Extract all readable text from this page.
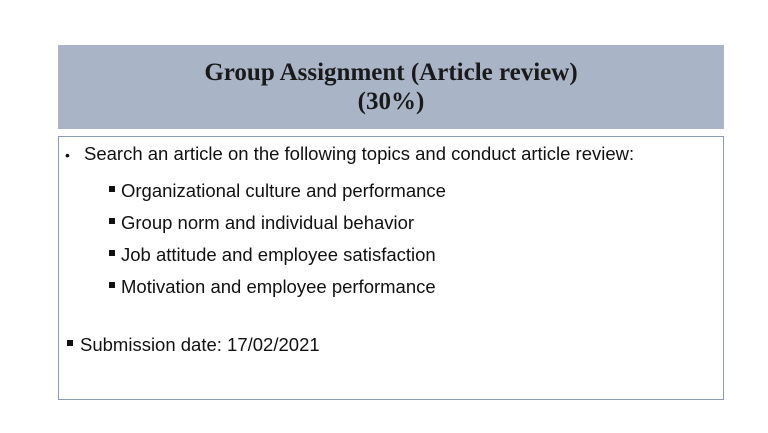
Group Assignment (Article review)
(30%)
• Search an article on the following topics and conduct article review:
Organizational culture and performance
Group norm and individual behavior
Job attitude and employee satisfaction
Motivation and employee performance
Submission date: 17/02/2021
